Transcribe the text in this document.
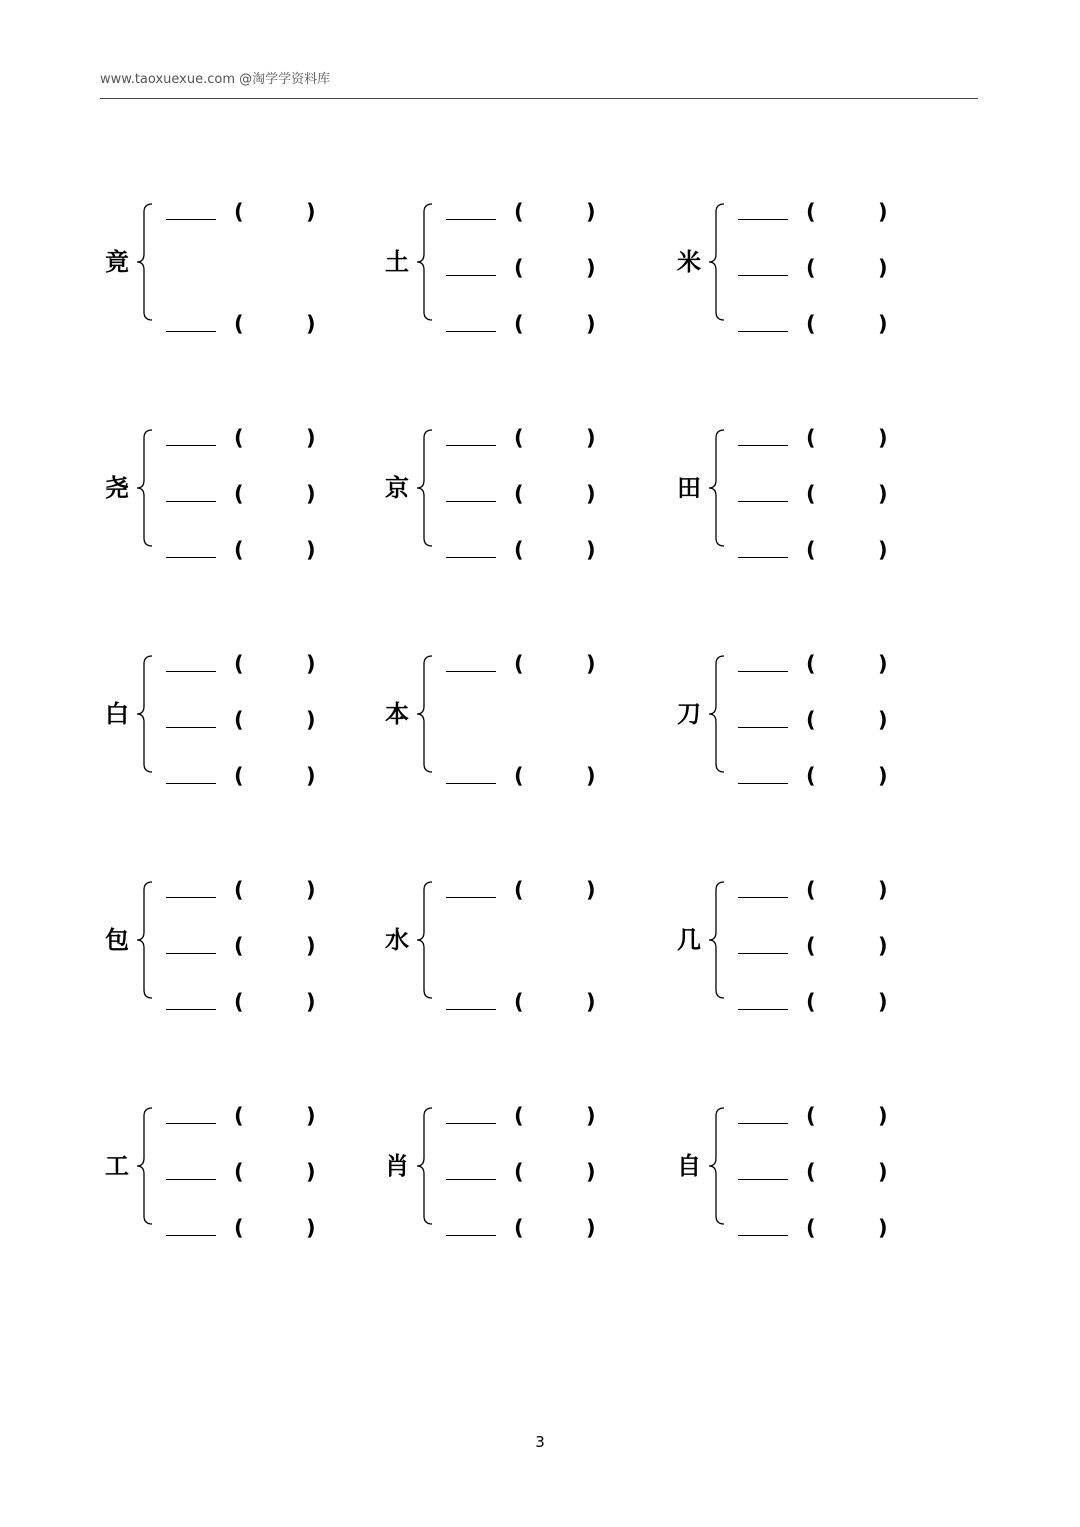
www.taoxuexue.com @淘学学资料库
竟
(	)
(	)
土
(	)
(	)
(	)
米
(	)
(	)
(	)
尧
(	)
(	)
(	)
京
(	)
(	)
(	)
田
(	)
(	)
(	)
白
(	)
(	)
(	)
本
(	)
(	)
刀
(	)
(	)
(	)
包
(	)
(	)
(	)
水
(	)
(	)
几
(	)
(	)
(	)
工
(	)
(	)
(	)
肖
(	)
(	)
(	)
自
(	)
(	)
(	)
3
